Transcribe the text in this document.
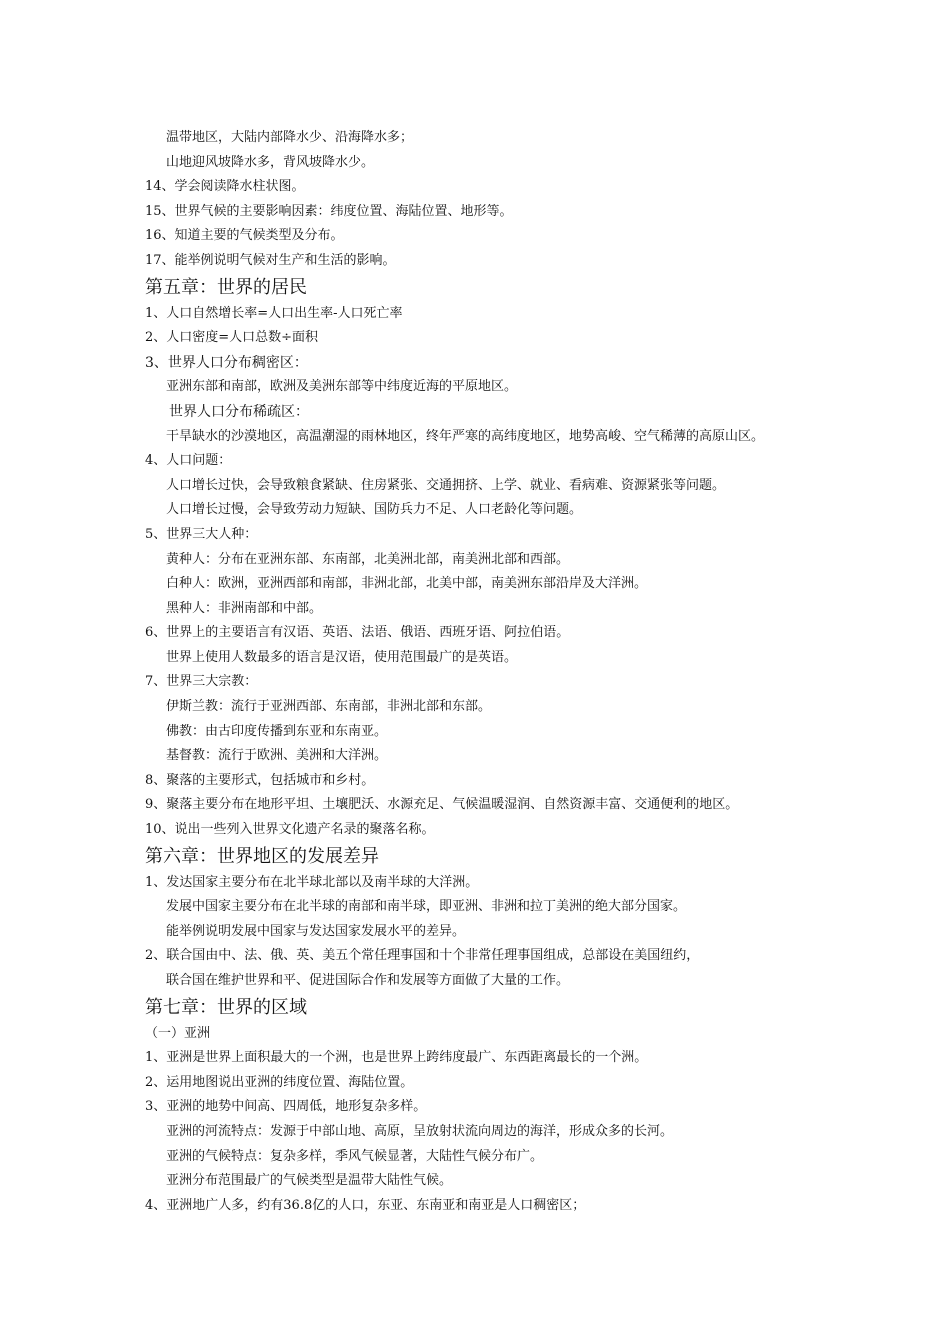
温带地区，大陆内部降水少、沿海降水多；
山地迎风坡降水多，背风坡降水少。
14、学会阅读降水柱状图。
15、世界气候的主要影响因素：纬度位置、海陆位置、地形等。
16、知道主要的气候类型及分布。
17、能举例说明气候对生产和生活的影响。
第五章：世界的居民
1、人口自然增长率=人口出生率-人口死亡率
2、人口密度=人口总数÷面积
3、世界人口分布稠密区：
亚洲东部和南部，欧洲及美洲东部等中纬度近海的平原地区。
世界人口分布稀疏区：
干旱缺水的沙漠地区，高温潮湿的雨林地区，终年严寒的高纬度地区，地势高峻、空气稀薄的高原山区。
4、人口问题：
人口增长过快，会导致粮食紧缺、住房紧张、交通拥挤、上学、就业、看病难、资源紧张等问题。
人口增长过慢，会导致劳动力短缺、国防兵力不足、人口老龄化等问题。
5、世界三大人种：
黄种人：分布在亚洲东部、东南部，北美洲北部，南美洲北部和西部。
白种人：欧洲，亚洲西部和南部，非洲北部，北美中部，南美洲东部沿岸及大洋洲。
黑种人：非洲南部和中部。
6、世界上的主要语言有汉语、英语、法语、俄语、西班牙语、阿拉伯语。
世界上使用人数最多的语言是汉语，使用范围最广的是英语。
7、世界三大宗教：
伊斯兰教：流行于亚洲西部、东南部，非洲北部和东部。
佛教：由古印度传播到东亚和东南亚。
基督教：流行于欧洲、美洲和大洋洲。
8、聚落的主要形式，包括城市和乡村。
9、聚落主要分布在地形平坦、土壤肥沃、水源充足、气候温暖湿润、自然资源丰富、交通便利的地区。
10、说出一些列入世界文化遗产名录的聚落名称。
第六章：世界地区的发展差异
1、发达国家主要分布在北半球北部以及南半球的大洋洲。
发展中国家主要分布在北半球的南部和南半球，即亚洲、非洲和拉丁美洲的绝大部分国家。
能举例说明发展中国家与发达国家发展水平的差异。
2、联合国由中、法、俄、英、美五个常任理事国和十个非常任理事国组成，总部设在美国纽约，
联合国在维护世界和平、促进国际合作和发展等方面做了大量的工作。
第七章：世界的区域
（一）亚洲
1、亚洲是世界上面积最大的一个洲，也是世界上跨纬度最广、东西距离最长的一个洲。
2、运用地图说出亚洲的纬度位置、海陆位置。
3、亚洲的地势中间高、四周低，地形复杂多样。
亚洲的河流特点：发源于中部山地、高原，呈放射状流向周边的海洋，形成众多的长河。
亚洲的气候特点：复杂多样，季风气候显著，大陆性气候分布广。
亚洲分布范围最广的气候类型是温带大陆性气候。
4、亚洲地广人多，约有36.8亿的人口，东亚、东南亚和南亚是人口稠密区；
